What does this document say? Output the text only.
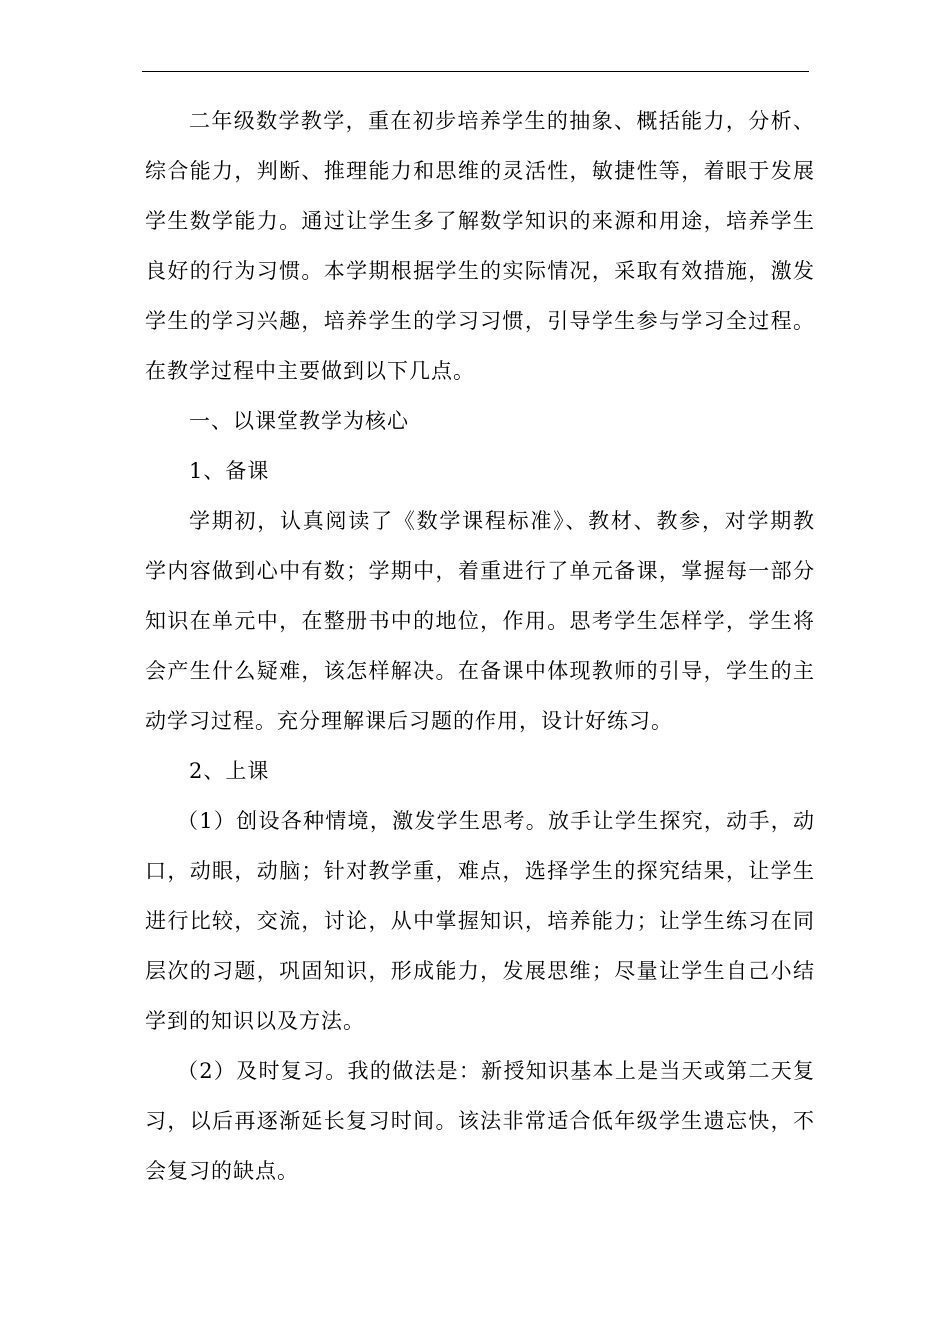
二年级数学教学，重在初步培养学生的抽象、概括能力，分析、综合能力，判断、推理能力和思维的灵活性，敏捷性等，着眼于发展学生数学能力。通过让学生多了解数学知识的来源和用途，培养学生良好的行为习惯。本学期根据学生的实际情况，采取有效措施，激发学生的学习兴趣，培养学生的学习习惯，引导学生参与学习全过程。在教学过程中主要做到以下几点。

一、以课堂教学为核心

1、备课

学期初，认真阅读了《数学课程标准》、教材、教参，对学期教学内容做到心中有数；学期中，着重进行了单元备课，掌握每一部分知识在单元中，在整册书中的地位，作用。思考学生怎样学，学生将会产生什么疑难，该怎样解决。在备课中体现教师的引导，学生的主动学习过程。充分理解课后习题的作用，设计好练习。

2、上课

（1）创设各种情境，激发学生思考。放手让学生探究，动手，动口，动眼，动脑；针对教学重，难点，选择学生的探究结果，让学生进行比较，交流，讨论，从中掌握知识，培养能力；让学生练习在同层次的习题，巩固知识，形成能力，发展思维；尽量让学生自己小结学到的知识以及方法。

（2）及时复习。我的做法是：新授知识基本上是当天或第二天复习，以后再逐渐延长复习时间。该法非常适合低年级学生遗忘快，不会复习的缺点。
